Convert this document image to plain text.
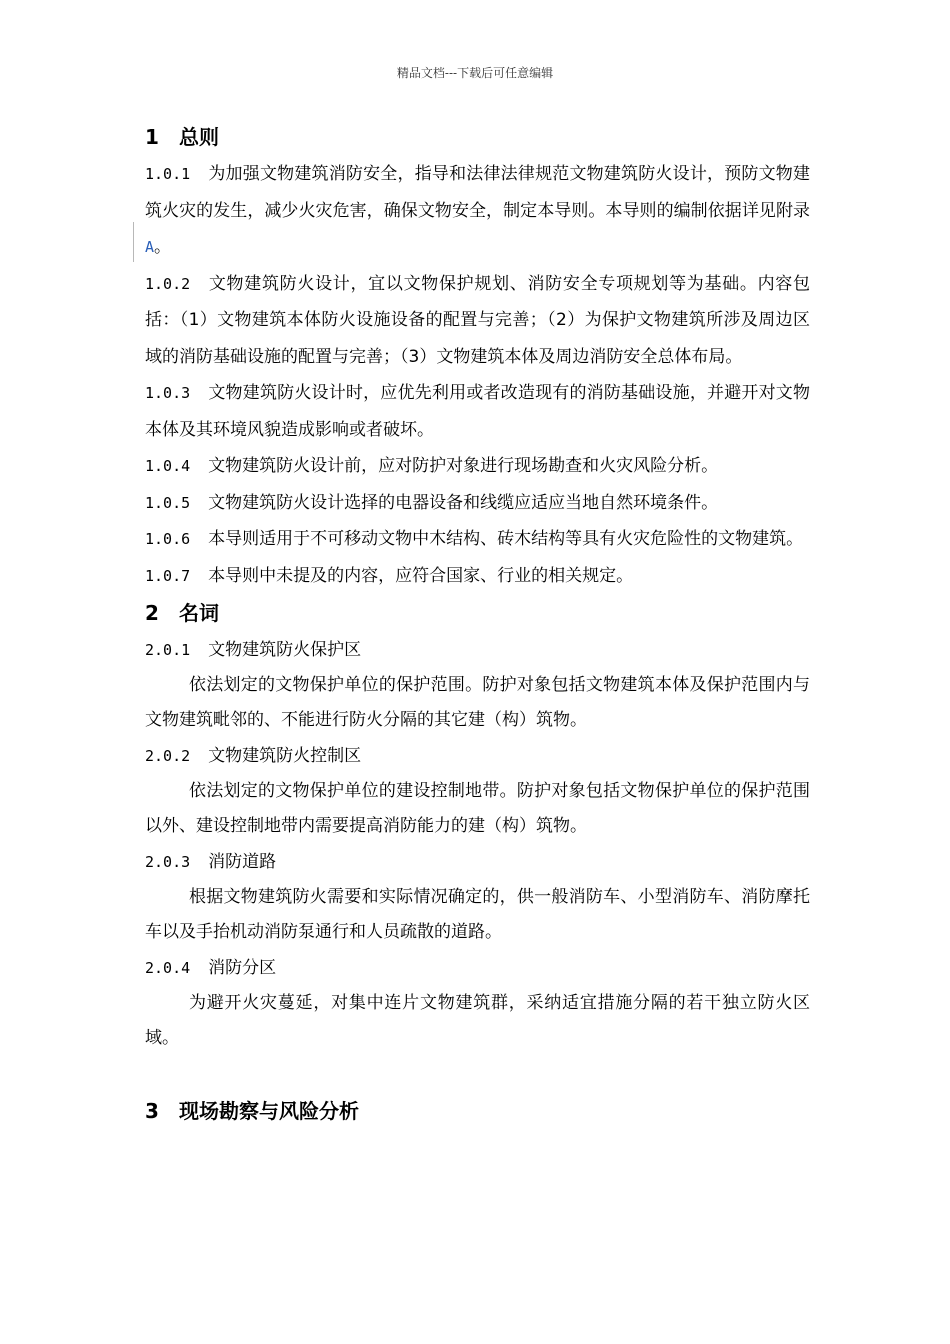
精品文档---下载后可任意编辑
1 总则
1.0.1 为加强文物建筑消防安全，指导和法律法律规范文物建筑防火设计，预防文物建筑火灾的发生，减少火灾危害，确保文物安全，制定本导则。本导则的编制依据详见附录A。
1.0.2 文物建筑防火设计，宜以文物保护规划、消防安全专项规划等为基础。内容包括：（1）文物建筑本体防火设施设备的配置与完善；（2）为保护文物建筑所涉及周边区域的消防基础设施的配置与完善；（3）文物建筑本体及周边消防安全总体布局。
1.0.3 文物建筑防火设计时，应优先利用或者改造现有的消防基础设施，并避开对文物本体及其环境风貌造成影响或者破坏。
1.0.4 文物建筑防火设计前，应对防护对象进行现场勘查和火灾风险分析。
1.0.5 文物建筑防火设计选择的电器设备和线缆应适应当地自然环境条件。
1.0.6 本导则适用于不可移动文物中木结构、砖木结构等具有火灾危险性的文物建筑。
1.0.7 本导则中未提及的内容，应符合国家、行业的相关规定。
2 名词
2.0.1 文物建筑防火保护区
依法划定的文物保护单位的保护范围。防护对象包括文物建筑本体及保护范围内与文物建筑毗邻的、不能进行防火分隔的其它建（构）筑物。
2.0.2 文物建筑防火控制区
依法划定的文物保护单位的建设控制地带。防护对象包括文物保护单位的保护范围以外、建设控制地带内需要提高消防能力的建（构）筑物。
2.0.3 消防道路
根据文物建筑防火需要和实际情况确定的，供一般消防车、小型消防车、消防摩托车以及手抬机动消防泵通行和人员疏散的道路。
2.0.4 消防分区
为避开火灾蔓延，对集中连片文物建筑群，采纳适宜措施分隔的若干独立防火区域。
3 现场勘察与风险分析
